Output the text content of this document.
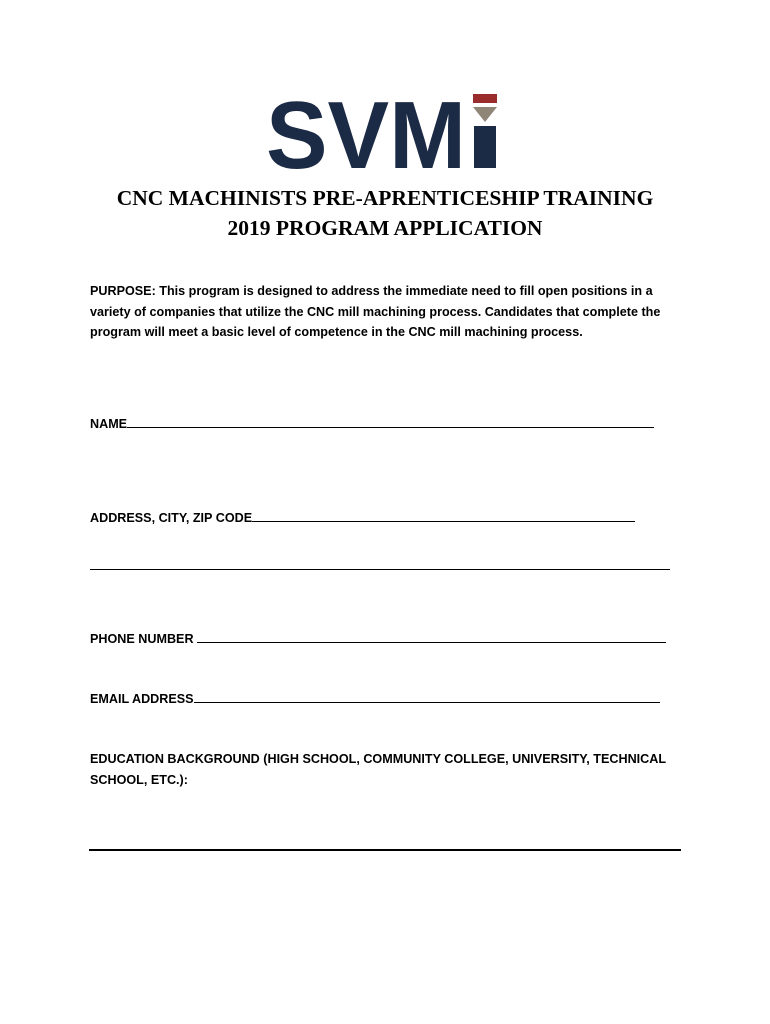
SVM

CNC MACHINISTS PRE-APRENTICESHIP TRAINING

2019 PROGRAM APPLICATION

PURPOSE: This program is designed to address the immediate need to fill open positions in a variety of companies that utilize the CNC mill machining process. Candidates that complete the program will meet a basic level of competence in the CNC mill machining process.

NAME
ADDRESS, CITY, ZIP CODE
PHONE NUMBER
EMAIL ADDRESS

EDUCATION BACKGROUND (HIGH SCHOOL, COMMUNITY COLLEGE, UNIVERSITY, TECHNICAL SCHOOL, ETC.):
